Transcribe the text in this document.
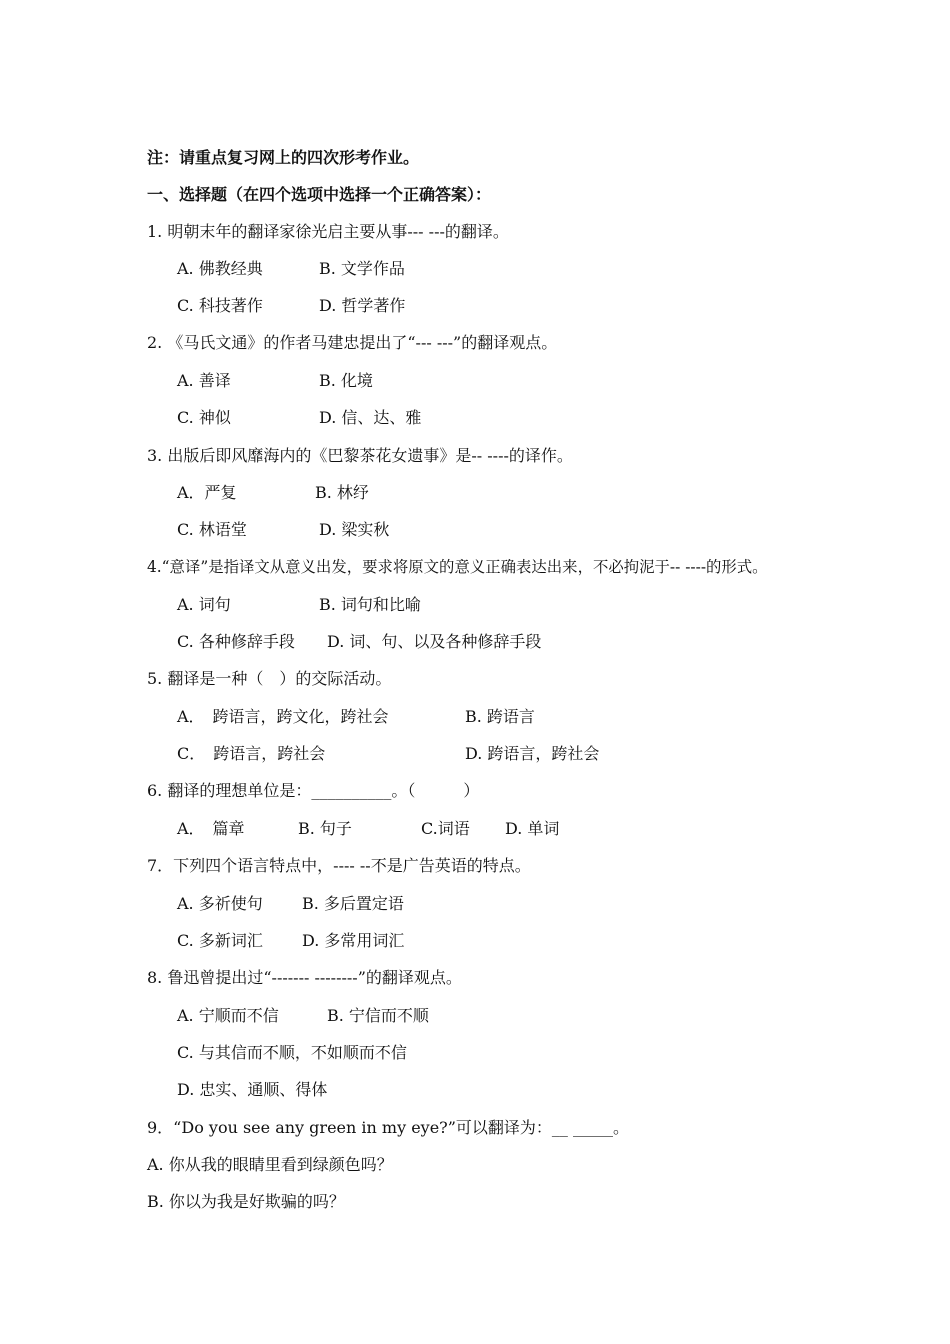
注：请重点复习网上的四次形考作业。
一、选择题（在四个选项中选择一个正确答案）：
1. 明朝末年的翻译家徐光启主要从事--- ---的翻译。
A. 佛教经典	B. 文学作品
C. 科技著作	D. 哲学著作
2. 《马氏文通》的作者马建忠提出了“--- ---”的翻译观点。
A. 善译	B. 化境
C. 神似	D. 信、达、雅
3. 出版后即风靡海内的《巴黎茶花女遗事》是-- ----的译作。
A．严复	B. 林纾
C. 林语堂	D. 梁实秋
4.“意译”是指译文从意义出发，要求将原文的意义正确表达出来，不必拘泥于-- ----的形式。
A. 词句	B. 词句和比喻
C. 各种修辞手段 D. 词、句、以及各种修辞手段
5. 翻译是一种（　）的交际活动。
A．　跨语言，跨文化，跨社会	B. 跨语言
C．　跨语言，跨社会	D. 跨语言，跨社会
6. 翻译的理想单位是：__________。（　　　）
A．　篇章	B. 句子	C.词语 D. 单词
7．下列四个语言特点中，---- --不是广告英语的特点。
A. 多祈使句 B. 多后置定语
C. 多新词汇 D. 多常用词汇
8. 鲁迅曾提出过“------- --------”的翻译观点。
A. 宁顺而不信	B. 宁信而不顺
C. 与其信而不顺，不如顺而不信
D. 忠实、通顺、得体
9．“Do you see any green in my eye?”可以翻译为：__ _____。
A. 你从我的眼睛里看到绿颜色吗？
B. 你以为我是好欺骗的吗？
